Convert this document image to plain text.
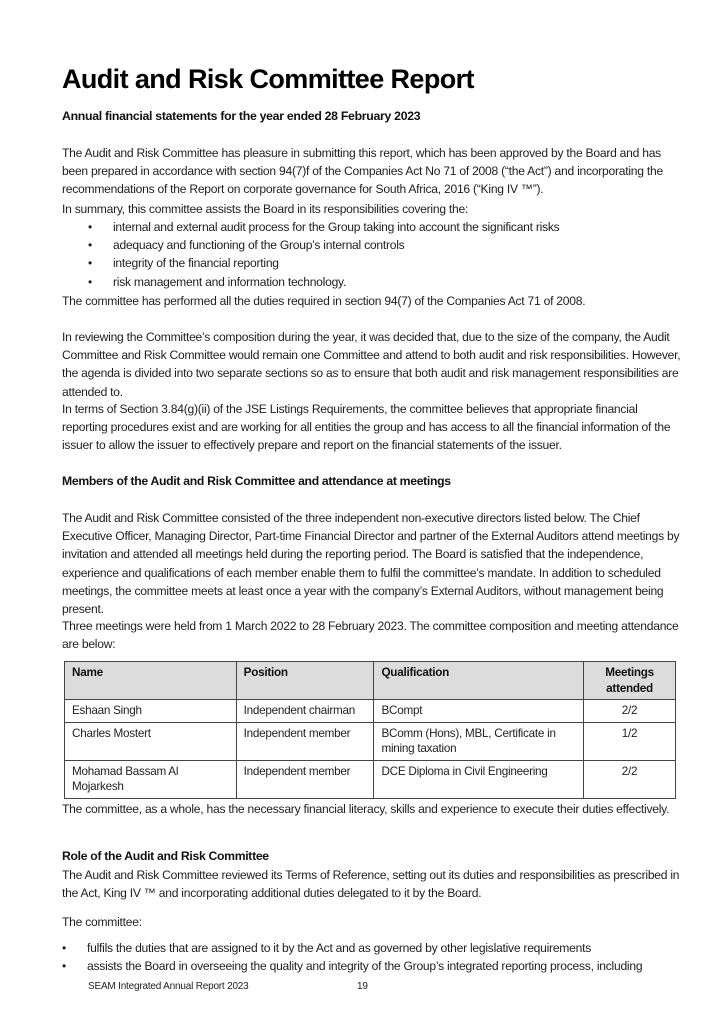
Audit and Risk Committee Report
Annual financial statements for the year ended 28 February 2023

The Audit and Risk Committee has pleasure in submitting this report, which has been approved by the Board and has been prepared in accordance with section 94(7)f of the Companies Act No 71 of 2008 (“the Act”) and incorporating the recommendations of the Report on corporate governance for South Africa, 2016 (“King IV ™”).

In summary, this committee assists the Board in its responsibilities covering the:

• internal and external audit process for the Group taking into account the significant risks
• adequacy and functioning of the Group’s internal controls
• integrity of the financial reporting
• risk management and information technology.

The committee has performed all the duties required in section 94(7) of the Companies Act 71 of 2008.

In reviewing the Committee’s composition during the year, it was decided that, due to the size of the company, the Audit Committee and Risk Committee would remain one Committee and attend to both audit and risk responsibilities. However, the agenda is divided into two separate sections so as to ensure that both audit and risk management responsibilities are attended to.

In terms of Section 3.84(g)(ii) of the JSE Listings Requirements, the committee believes that appropriate financial reporting procedures exist and are working for all entities the group and has access to all the financial information of the issuer to allow the issuer to effectively prepare and report on the financial statements of the issuer.

Members of the Audit and Risk Committee and attendance at meetings

The Audit and Risk Committee consisted of the three independent non-executive directors listed below. The Chief Executive Officer, Managing Director, Part-time Financial Director and partner of the External Auditors attend meetings by invitation and attended all meetings held during the reporting period. The Board is satisfied that the independence, experience and qualifications of each member enable them to fulfil the committee’s mandate. In addition to scheduled meetings, the committee meets at least once a year with the company’s External Auditors, without management being present.

Three meetings were held from 1 March 2022 to 28 February 2023. The committee composition and meeting attendance are below:

Name	Position	Qualification	Meetings attended
Eshaan Singh	Independent chairman	BCompt	2/2
Charles Mostert	Independent member	BComm (Hons), MBL, Certificate in mining taxation	1/2
Mohamad Bassam Al Mojarkesh	Independent member	DCE Diploma in Civil Engineering	2/2

The committee, as a whole, has the necessary financial literacy, skills and experience to execute their duties effectively.

Role of the Audit and Risk Committee

The Audit and Risk Committee reviewed its Terms of Reference, setting out its duties and responsibilities as prescribed in the Act, King IV ™ and incorporating additional duties delegated to it by the Board.

The committee:

• fulfils the duties that are assigned to it by the Act and as governed by other legislative requirements
• assists the Board in overseeing the quality and integrity of the Group’s integrated reporting process, including
SEAM Integrated Annual Report 2023	19
